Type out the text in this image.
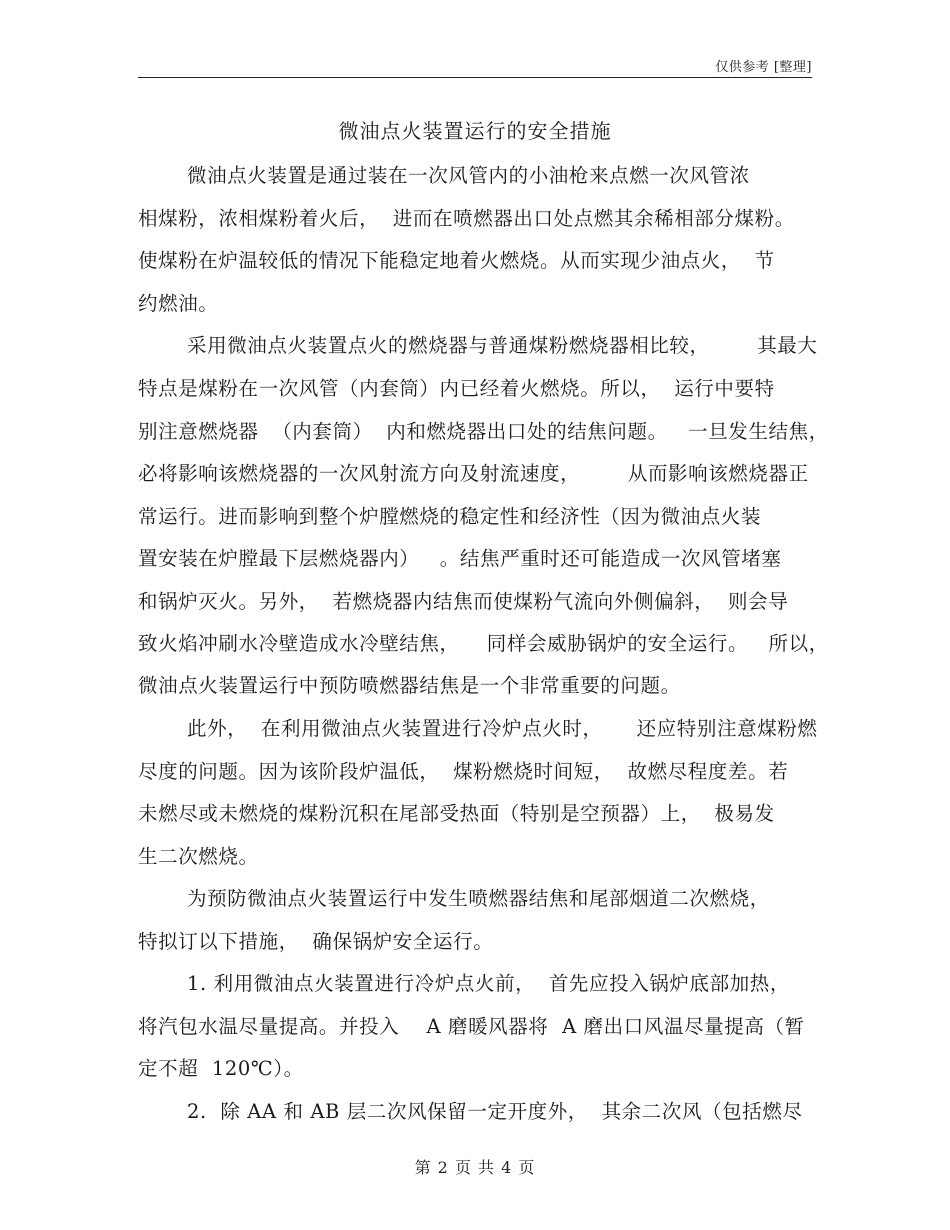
仅供参考 [整理]
微油点火装置运行的安全措施
微油点火装置是通过装在一次风管内的小油枪来点燃一次风管浓
相煤粉，浓相煤粉着火后，  进而在喷燃器出口处点燃其余稀相部分煤粉。
使煤粉在炉温较低的情况下能稳定地着火燃烧。从而实现少油点火，  节
约燃油。
采用微油点火装置点火的燃烧器与普通煤粉燃烧器相比较，       其最大
特点是煤粉在一次风管（内套筒）内已经着火燃烧。所以，  运行中要特
别注意燃烧器  （内套筒）  内和燃烧器出口处的结焦问题。   一旦发生结焦，
必将影响该燃烧器的一次风射流方向及射流速度，       从而影响该燃烧器正
常运行。进而影响到整个炉膛燃烧的稳定性和经济性（因为微油点火装
置安装在炉膛最下层燃烧器内）   。结焦严重时还可能造成一次风管堵塞
和锅炉灭火。另外，  若燃烧器内结焦而使煤粉气流向外侧偏斜，  则会导
致火焰冲刷水冷壁造成水冷壁结焦，    同样会威胁锅炉的安全运行。   所以，
微油点火装置运行中预防喷燃器结焦是一个非常重要的问题。
此外，  在利用微油点火装置进行冷炉点火时，     还应特别注意煤粉燃
尽度的问题。因为该阶段炉温低，  煤粉燃烧时间短，  故燃尽程度差。若
未燃尽或未燃烧的煤粉沉积在尾部受热面（特别是空预器）上，  极易发
生二次燃烧。
为预防微油点火装置运行中发生喷燃器结焦和尾部烟道二次燃烧，
特拟订以下措施，  确保锅炉安全运行。
1. 利用微油点火装置进行冷炉点火前，  首先应投入锅炉底部加热，
将汽包水温尽量提高。并投入    A 磨暖风器将  A 磨出口风温尽量提高（暂
定不超  120℃）。
2.  除 AA 和 AB 层二次风保留一定开度外，  其余二次风（包括燃尽
第 2 页 共 4 页
